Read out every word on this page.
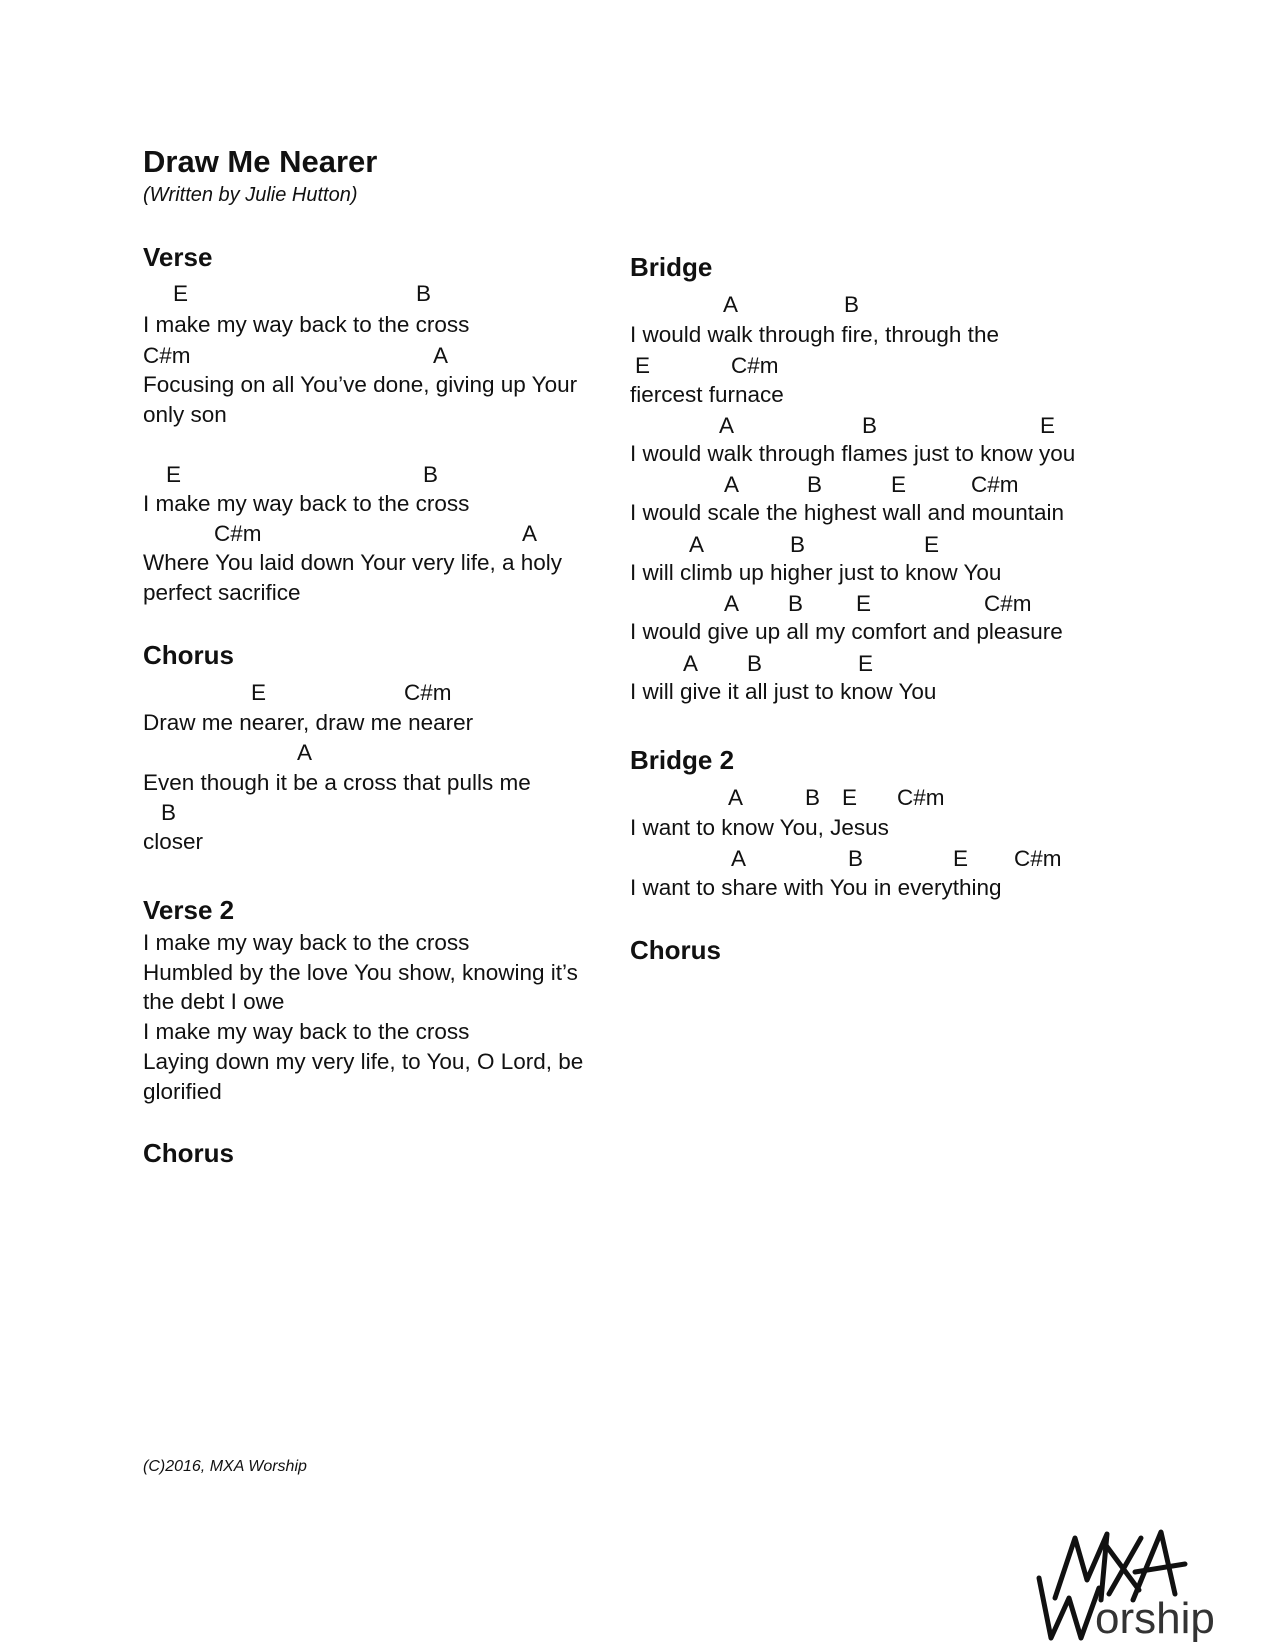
Draw Me Nearer
(Written by Julie Hutton)
Verse
E	B
I make my way back to the cross
C#m	A
Focusing on all You’ve done, giving up Your
only son
E	B
I make my way back to the cross
C#m	A
Where You laid down Your very life, a holy
perfect sacrifice
Chorus
E	C#m
Draw me nearer, draw me nearer
A
Even though it be a cross that pulls me
B
closer
Verse 2
I make my way back to the cross
Humbled by the love You show, knowing it’s
the debt I owe
I make my way back to the cross
Laying down my very life, to You, O Lord, be
glorified
Chorus
Bridge
A	B
I would walk through fire, through the
E	C#m
fiercest furnace
A	B	E
I would walk through flames just to know you
A	B	E	C#m
I would scale the highest wall and mountain
A	B	E
I will climb up higher just to know You
A B E	C#m
I would give up all my comfort and pleasure
A B	E
I will give it all just to know You
Bridge 2
A	B E C#m
I want to know You, Jesus
A	B	E C#m
I want to share with You in everything
Chorus
(C)2016, MXA Worship
orship
